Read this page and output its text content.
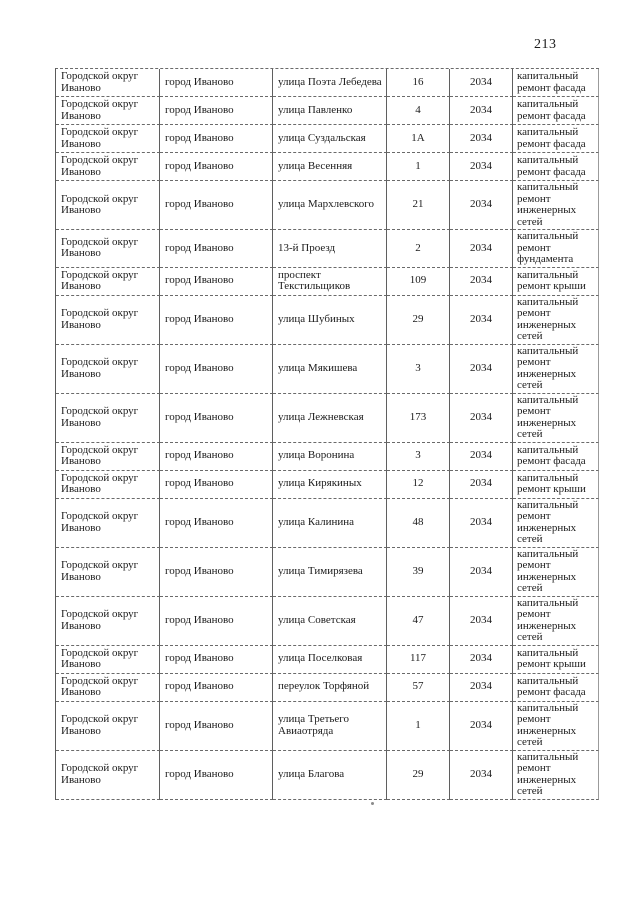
213
Городской округ Иваново	город Иваново	улица Поэта Лебедева	16	2034	капитальный ремонт фасада
Городской округ Иваново	город Иваново	улица Павленко	4	2034	капитальный ремонт фасада
Городской округ Иваново	город Иваново	улица Суздальская	1А	2034	капитальный ремонт фасада
Городской округ Иваново	город Иваново	улица Весенняя	1	2034	капитальный ремонт фасада
Городской округ Иваново	город Иваново	улица Мархлевского	21	2034	капитальный ремонт инженерных сетей
Городской округ Иваново	город Иваново	13-й Проезд	2	2034	капитальный ремонт фундамента
Городской округ Иваново	город Иваново	проспект Текстильщиков	109	2034	капитальный ремонт крыши
Городской округ Иваново	город Иваново	улица Шубиных	29	2034	капитальный ремонт инженерных сетей
Городской округ Иваново	город Иваново	улица Мякишева	3	2034	капитальный ремонт инженерных сетей
Городской округ Иваново	город Иваново	улица Лежневская	173	2034	капитальный ремонт инженерных сетей
Городской округ Иваново	город Иваново	улица Воронина	3	2034	капитальный ремонт фасада
Городской округ Иваново	город Иваново	улица Кирякиных	12	2034	капитальный ремонт крыши
Городской округ Иваново	город Иваново	улица Калинина	48	2034	капитальный ремонт инженерных сетей
Городской округ Иваново	город Иваново	улица Тимирязева	39	2034	капитальный ремонт инженерных сетей
Городской округ Иваново	город Иваново	улица Советская	47	2034	капитальный ремонт инженерных сетей
Городской округ Иваново	город Иваново	улица Поселковая	117	2034	капитальный ремонт крыши
Городской округ Иваново	город Иваново	переулок Торфяной	57	2034	капитальный ремонт фасада
Городской округ Иваново	город Иваново	улица Третьего Авиаотряда	1	2034	капитальный ремонт инженерных сетей
Городской округ Иваново	город Иваново	улица Благова	29	2034	капитальный ремонт инженерных сетей
